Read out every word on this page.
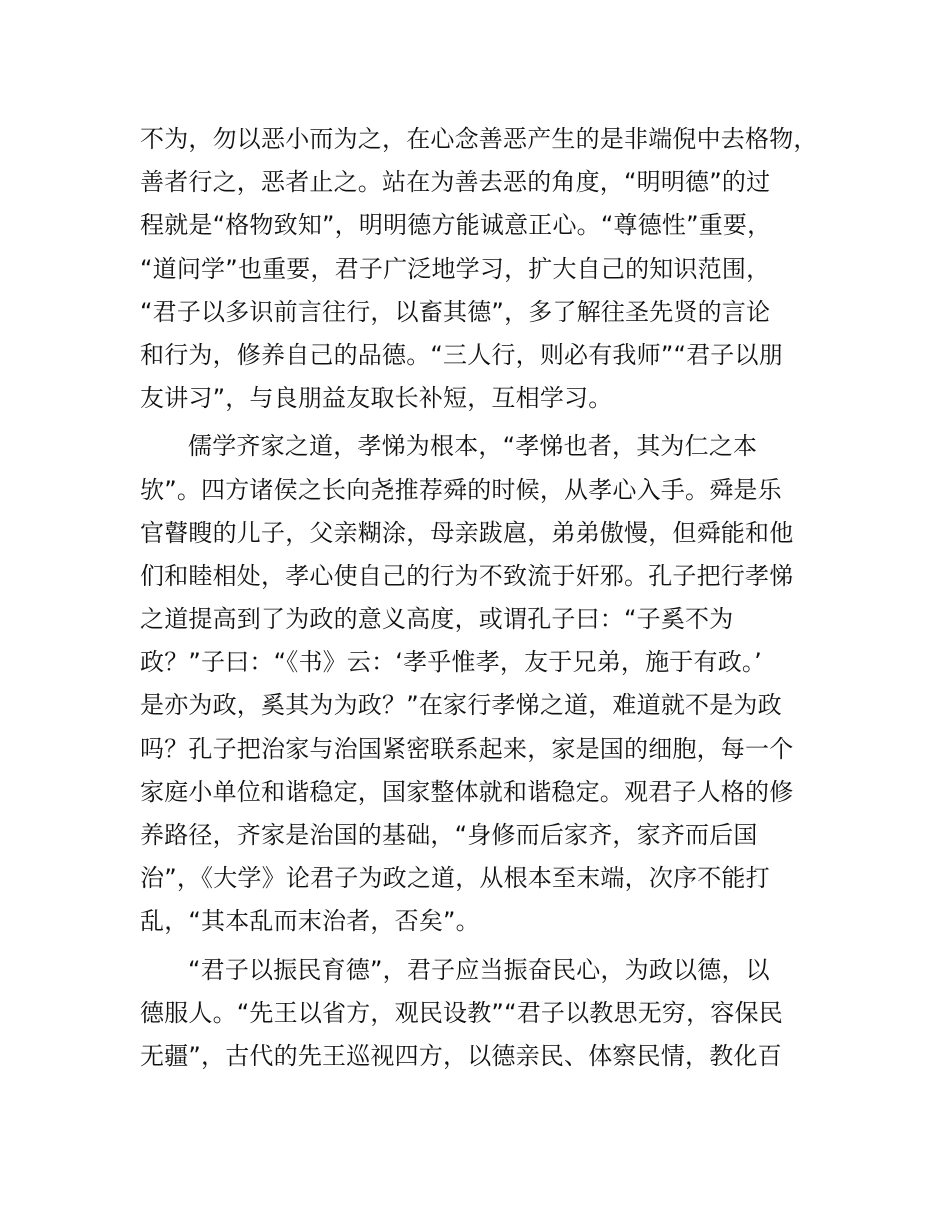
不为，勿以恶小而为之，在心念善恶产生的是非端倪中去格物，
善者行之，恶者止之。站在为善去恶的角度，“明明德”的过
程就是“格物致知”，明明德方能诚意正心。“尊德性”重要，
“道问学”也重要，君子广泛地学习，扩大自己的知识范围，
“君子以多识前言往行，以畜其德”，多了解往圣先贤的言论
和行为，修养自己的品德。“三人行，则必有我师”“君子以朋
友讲习”，与良朋益友取长补短，互相学习。
儒学齐家之道，孝悌为根本，“孝悌也者，其为仁之本
欤”。四方诸侯之长向尧推荐舜的时候，从孝心入手。舜是乐
官瞽瞍的儿子，父亲糊涂，母亲跋扈，弟弟傲慢，但舜能和他
们和睦相处，孝心使自己的行为不致流于奸邪。孔子把行孝悌
之道提高到了为政的意义高度，或谓孔子曰：“子奚不为
政？”子曰：“《书》云：‘孝乎惟孝，友于兄弟，施于有政。’
是亦为政，奚其为为政？”在家行孝悌之道，难道就不是为政
吗？孔子把治家与治国紧密联系起来，家是国的细胞，每一个
家庭小单位和谐稳定，国家整体就和谐稳定。观君子人格的修
养路径，齐家是治国的基础，“身修而后家齐，家齐而后国
治”，《大学》论君子为政之道，从根本至末端，次序不能打
乱，“其本乱而末治者，否矣”。
“君子以振民育德”，君子应当振奋民心，为政以德，以
德服人。“先王以省方，观民设教”“君子以教思无穷，容保民
无疆”，古代的先王巡视四方，以德亲民、体察民情，教化百
